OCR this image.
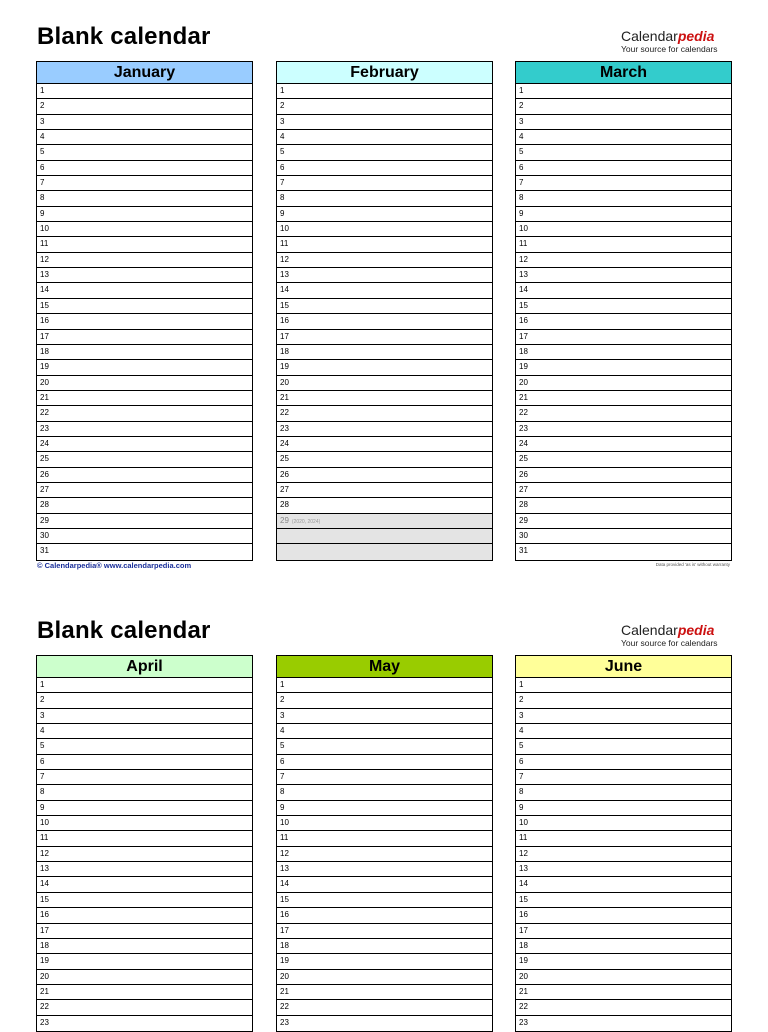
Blank calendar	Calendarpedia
Your source for calendars
January
1
2
3
4
5
6
7
8
9
10
11
12
13
14
15
16
17
18
19
20
21
22
23
24
25
26
27
28
29
30
31
February
1
2
3
4
5
6
7
8
9
10
11
12
13
14
15
16
17
18
19
20
21
22
23
24
25
26
27
28
29 (2020, 2024)
March
1
2
3
4
5
6
7
8
9
10
11
12
13
14
15
16
17
18
19
20
21
22
23
24
25
26
27
28
29
30
31
© Calendarpedia® www.calendarpedia.com	Data provided 'as is' without warranty
Blank calendar	Calendarpedia
Your source for calendars
April
1
2
3
4
5
6
7
8
9
10
11
12
13
14
15
16
17
18
19
20
21
22
23
May
1
2
3
4
5
6
7
8
9
10
11
12
13
14
15
16
17
18
19
20
21
22
23
June
1
2
3
4
5
6
7
8
9
10
11
12
13
14
15
16
17
18
19
20
21
22
23
